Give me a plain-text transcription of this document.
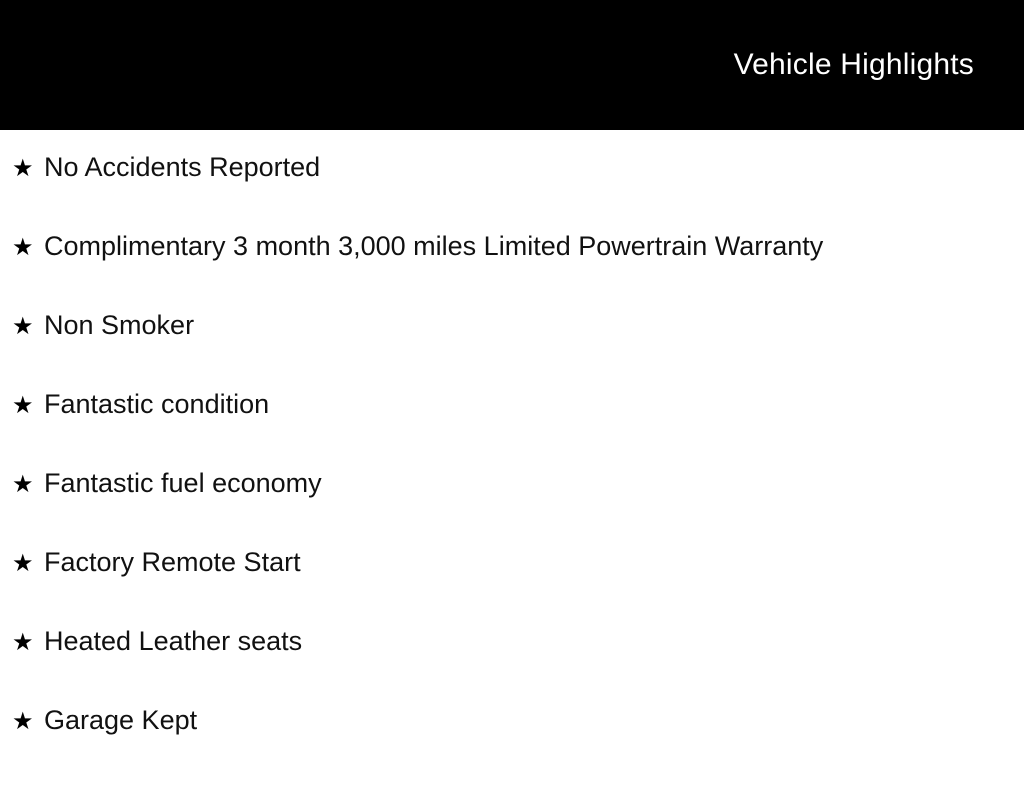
Vehicle Highlights
★ No Accidents Reported
★ Complimentary 3 month 3,000 miles Limited Powertrain Warranty
★ Non Smoker
★ Fantastic condition
★ Fantastic fuel economy
★ Factory Remote Start
★ Heated Leather seats
★ Garage Kept
